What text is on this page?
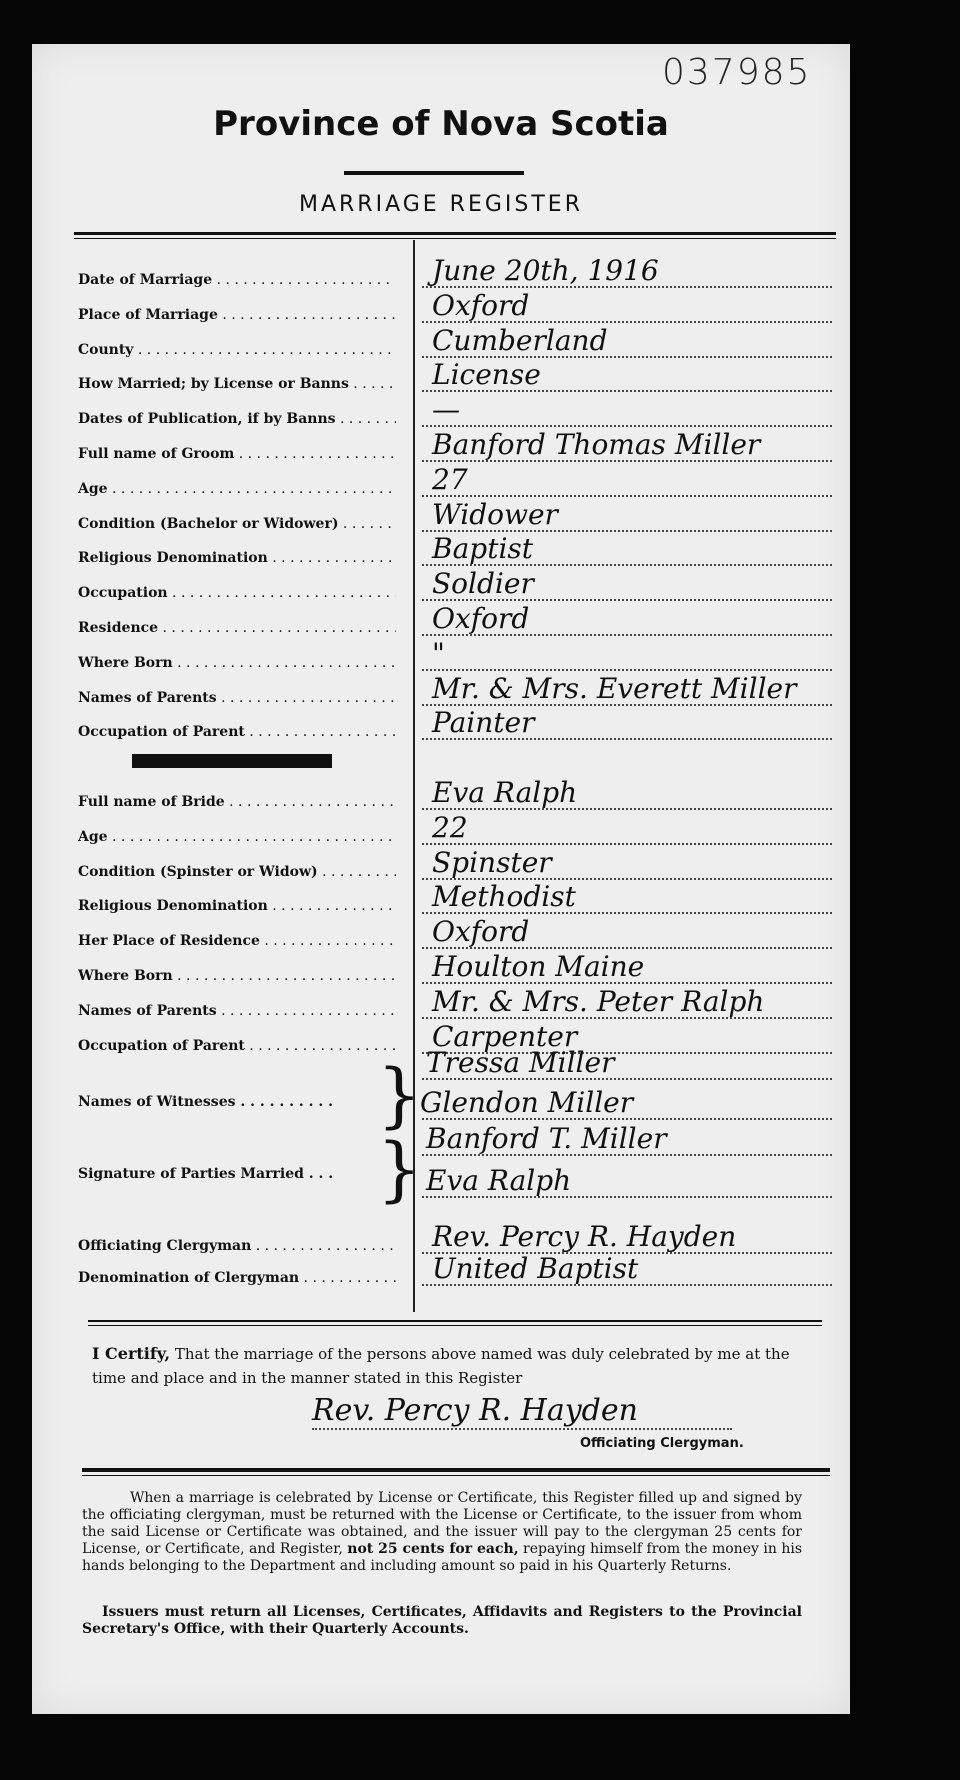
037985
Province of Nova Scotia
MARRIAGE REGISTER
Date of Marriage . . .	June 20th, 1916
Place of Marriage . . .	Oxford
County . . .	Cumberland
How Married; by License or Banns . . .	License
Dates of Publication, if by Banns . . .	—
Full name of Groom . . .	Banford Thomas Miller
Age . . .	27
Condition (Bachelor or Widower) . . .	Widower
Religious Denomination . . .	Baptist
Occupation . . .	Soldier
Residence . . .	Oxford
Where Born . . .	"
Names of Parents . . .	Mr. & Mrs. Everett Miller
Occupation of Parent . . .	Painter
Full name of Bride . . .	Eva Ralph
Age . . .	22
Condition (Spinster or Widow) . . .	Spinster
Religious Denomination . . .	Methodist
Her Place of Residence . . .	Oxford
Where Born . . .	Houlton Maine
Names of Parents . . .	Mr. & Mrs. Peter Ralph
Occupation of Parent . . .	Carpenter
Names of Witnesses . . . . . . . . . . } Tressa Miller
Glendon Miller
Signature of Parties Married . . . } Banford T. Miller
Eva Ralph
Officiating Clergyman . . .	Rev. Percy R. Hayden
Denomination of Clergyman . . .	United Baptist
I Certify, That the marriage of the persons above named was duly celebrated by me at the time and place and in the manner stated in this Register
Rev. Percy R. Hayden
Officiating Clergyman.
When a marriage is celebrated by License or Certificate, this Register filled up and signed by the officiating clergyman, must be returned with the License or Certificate, to the issuer from whom the said License or Certificate was obtained, and the issuer will pay to the clergyman 25 cents for License, or Certificate, and Register, not 25 cents for each, repaying himself from the money in his hands belonging to the Department and including amount so paid in his Quarterly Returns.
Issuers must return all Licenses, Certificates, Affidavits and Registers to the Provincial Secretary's Office, with their Quarterly Accounts.
